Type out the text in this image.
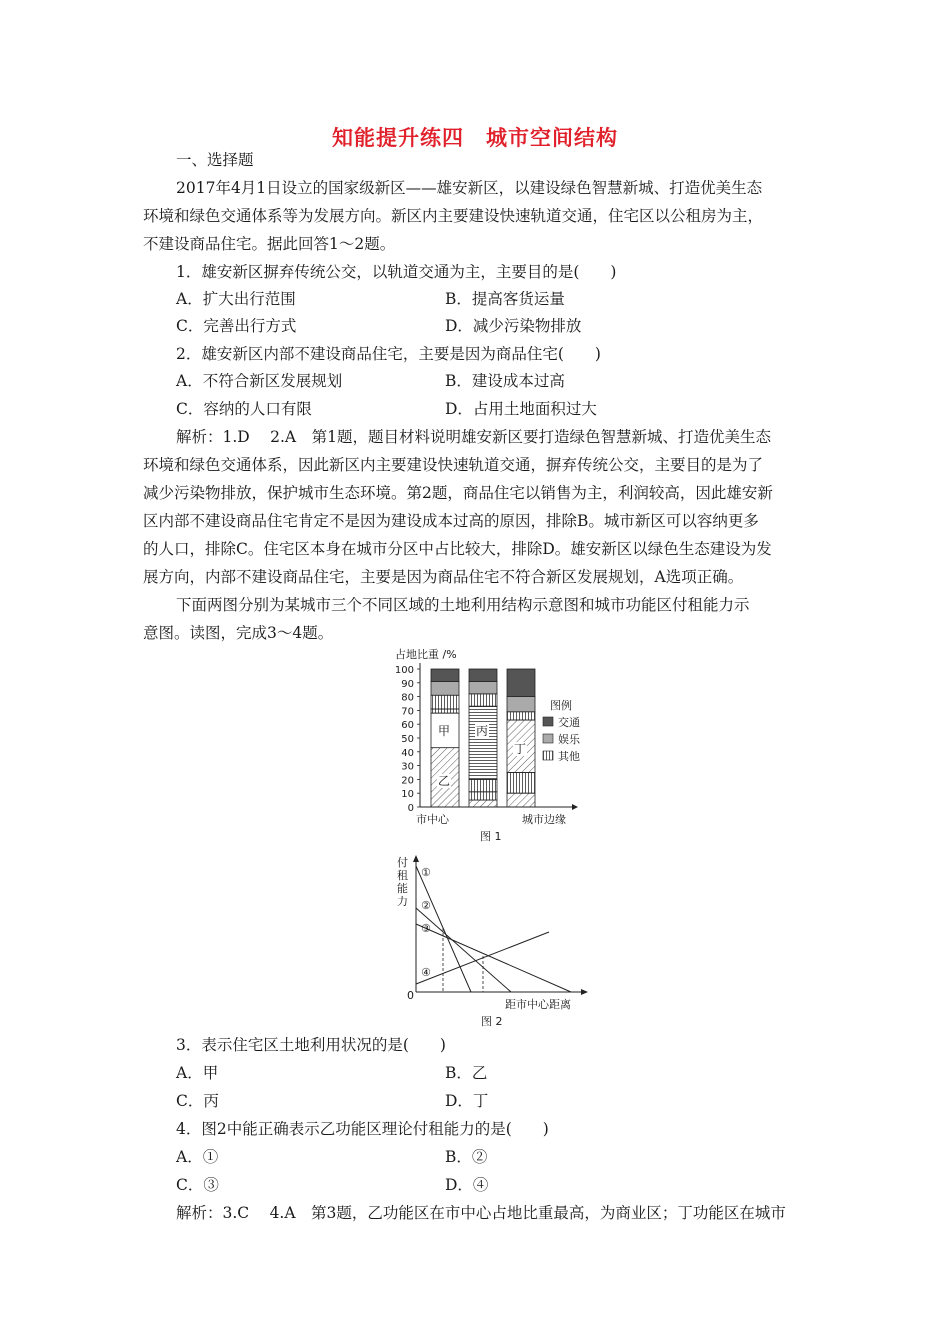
知能提升练四　城市空间结构
一、选择题
2017年4月1日设立的国家级新区——雄安新区，以建设绿色智慧新城、打造优美生态
环境和绿色交通体系等为发展方向。新区内主要建设快速轨道交通，住宅区以公租房为主，
不建设商品住宅。据此回答1～2题。
1．雄安新区摒弃传统公交，以轨道交通为主，主要目的是(　　)
A．扩大出行范围	B．提高客货运量
C．完善出行方式	D．减少污染物排放
2．雄安新区内部不建设商品住宅，主要是因为商品住宅(　　)
A．不符合新区发展规划	B．建设成本过高
C．容纳的人口有限	D．占用土地面积过大
解析：1.D　 2.A　第1题，题目材料说明雄安新区要打造绿色智慧新城、打造优美生态
环境和绿色交通体系，因此新区内主要建设快速轨道交通，摒弃传统公交，主要目的是为了
减少污染物排放，保护城市生态环境。第2题，商品住宅以销售为主，利润较高，因此雄安新
区内部不建设商品住宅肯定不是因为建设成本过高的原因，排除B。城市新区可以容纳更多
的人口，排除C。住宅区本身在城市分区中占比较大，排除D。雄安新区以绿色生态建设为发
展方向，内部不建设商品住宅，主要是因为商品住宅不符合新区发展规划，A选项正确。
下面两图分别为某城市三个不同区域的土地利用结构示意图和城市功能区付租能力示
意图。读图，完成3～4题。
占地比重 /%
100
90
80
70
60
50
40
30
20
10
0
甲
乙
丙
丁
市中心	城市边缘
图 1
图例
交通
娱乐
其他
付
租
能
力
0
①
②
③
④
距市中心距离
图 2
3．表示住宅区土地利用状况的是(　　)
A．甲	B．乙
C．丙	D．丁
4．图2中能正确表示乙功能区理论付租能力的是(　　)
A．①	B．②
C．③	D．④
解析：3.C　 4.A　第3题，乙功能区在市中心占地比重最高，为商业区；丁功能区在城市
